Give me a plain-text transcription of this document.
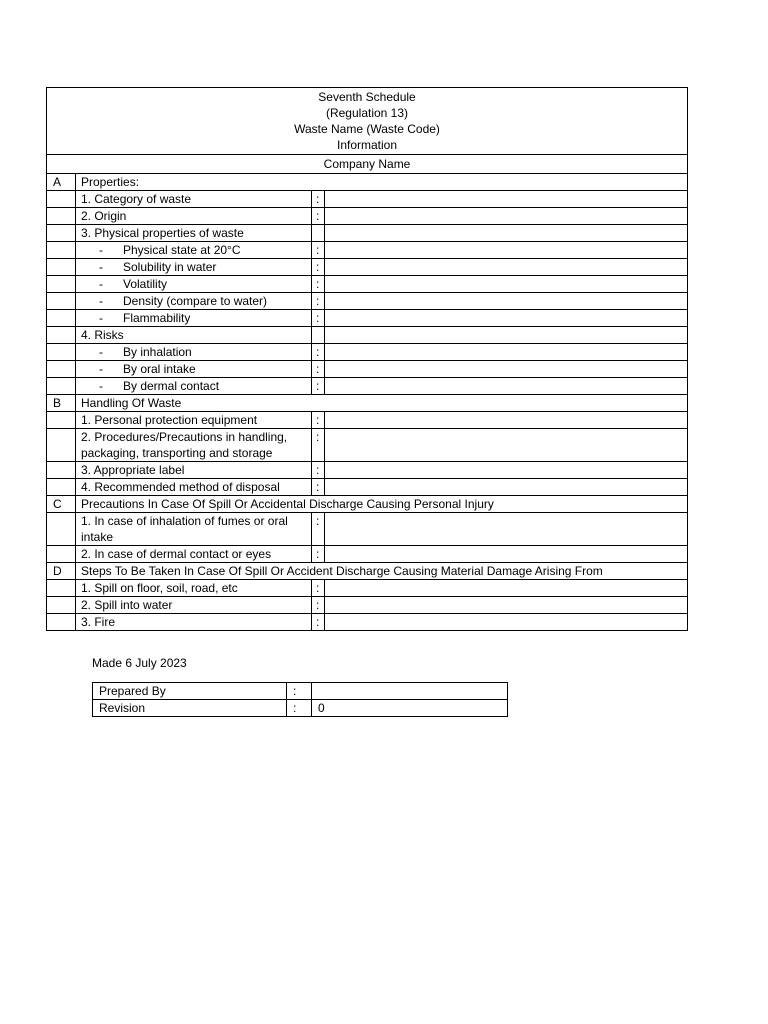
Seventh Schedule
(Regulation 13)
Waste Name (Waste Code)
Information			

Company Name			
A	Properties:		
	1. Category of waste	:	
	2. Origin	:	
	3. Physical properties of waste		
	- Physical state at 20°C	:	
	- Solubility in water	:	
	- Volatility	:	
	- Density (compare to water)	:	
	- Flammability	:	
	4. Risks		
	- By inhalation	:	
	- By oral intake	:	
	- By dermal contact	:	
B	Handling Of Waste		
	1. Personal protection equipment	:	
	2. Procedures/Precautions in handling, packaging, transporting and storage	:	
	3. Appropriate label	:	
	4. Recommended method of disposal	:	
C	Precautions In Case Of Spill Or Accidental Discharge Causing Personal Injury		
	1. In case of inhalation of fumes or oral intake	:	
	2. In case of dermal contact or eyes	:	
D	Steps To Be Taken In Case Of Spill Or Accident Discharge Causing Material Damage Arising From		
	1. Spill on floor, soil, road, etc	:	
	2. Spill into water	:	
	3. Fire	:	
Made 6 July 2023
Prepared By	:	
Revision	:	0
